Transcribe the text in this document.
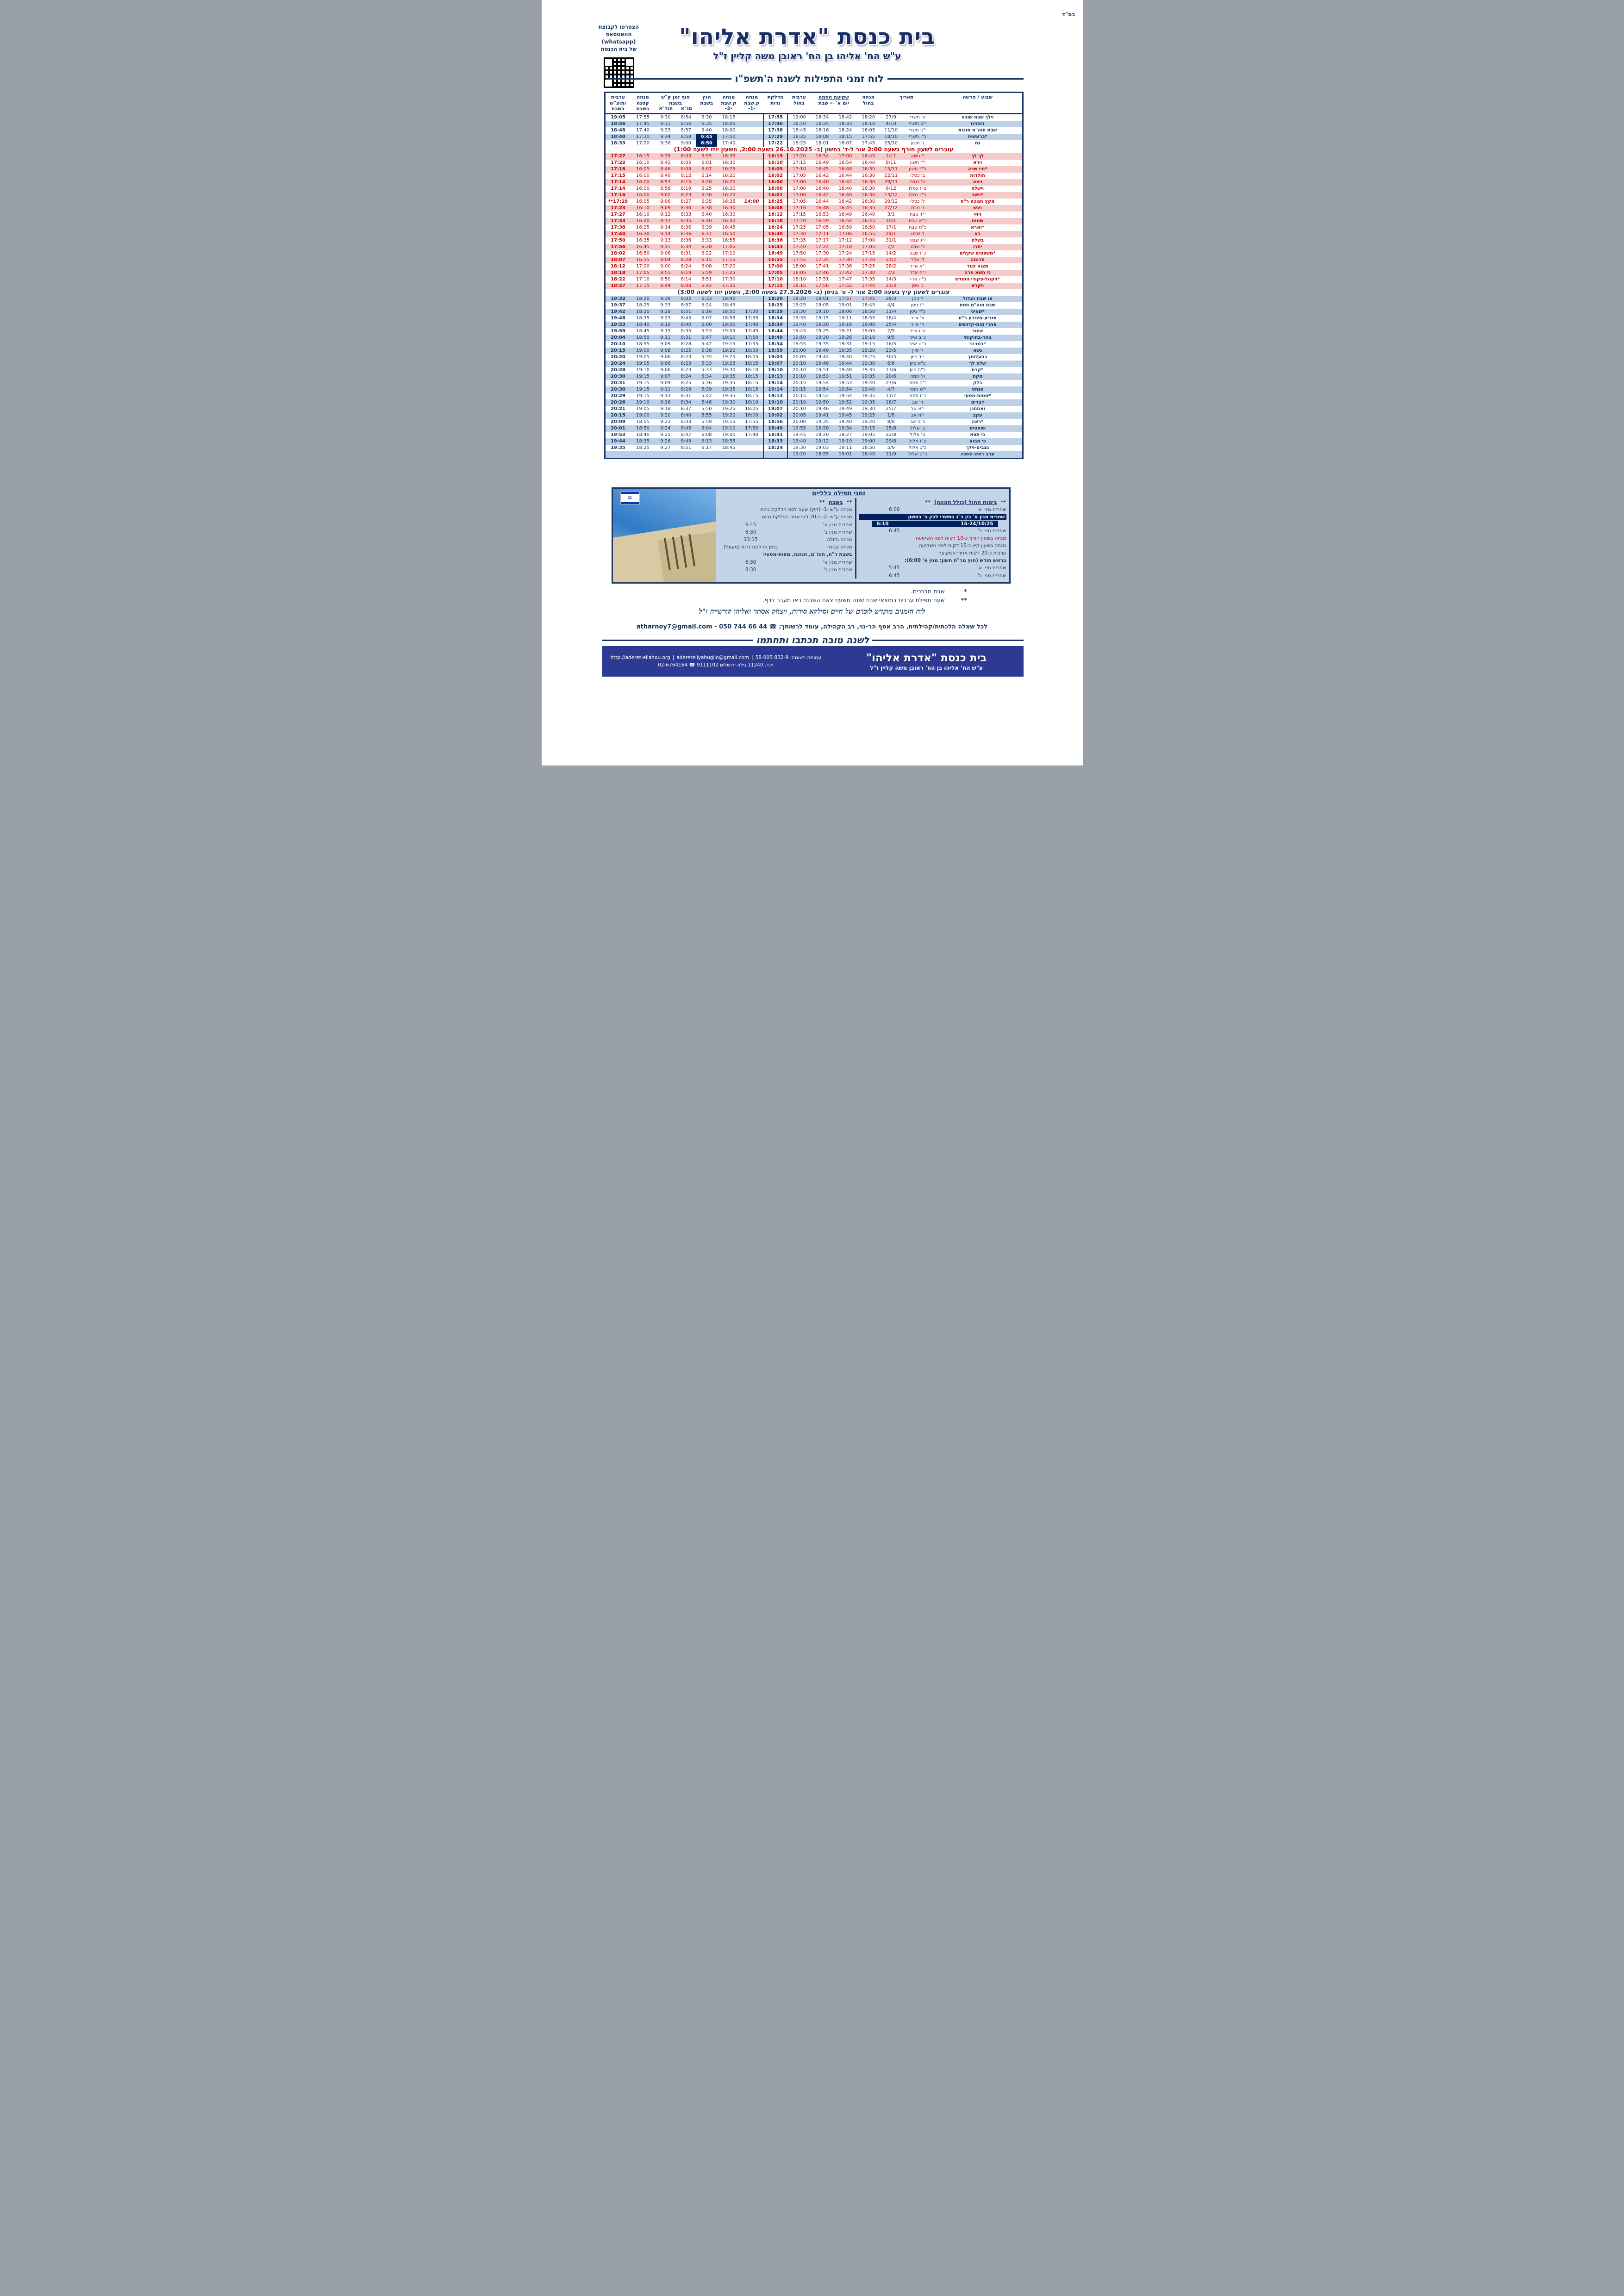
בס"ד
הצטרפו לקבוצת
הוואטסאפ (whatsapp)
של בית הכנסת	בית כנסת "אדרת אליהו"
ע"ש הח' אליהו בן הח' ראובן משה קליין ז"ל
לוח זמני התפילות לשנת ה'תשפ"ו
שבוע / פרשה

תאריך

מנחה
בחול

שקיעת החמה
יום א' ← שבת

ערבית
בחול

הדלקת
נרות

מנחה
ק.שבת
-1-

מנחה
ק.שבת
-2-

הנץ
בשבת

סוף זמן ק"ש
בשבת
מג"א
הגר"א

מנחה
קטנה
בשבת

ערבית
ומוצ"ש
בשבת

וילך שבת שובה	ה' תשרי	27/9	18:20	18:42	18:34	19:00	17:55		18:15	6:30	8:54	9:30	17:55	19:05
האזינו	י"ב תשרי	4/10	18:10	18:33	18:25	18:50	17:46		18:05	6:35	8:56	9:31	17:45	18:56
שבת חוה"מ סוכות	י"ט תשרי	11/10	18:05	18:24	18:16	18:45	17:38		18:00	6:40	8:57	9:33	17:40	18:48
*בראשית	כ"ו תשרי	18/10	17:55	18:15	18:08	18:35	17:29		17:50	6:45	8:58	9:34	17:30	18:40
נח	ג' חשון	25/10	17:45	18:07	18:01	18:25	17:22		17:40	6:50	9:00	9:36	17:20	18:33
עוברים לשעון חורף בשעה 2:00 אור ל-ד' בחשון (ב- 26.10.2025 בשעה 2:00, השעון יוזז לשעה 1:00)														
לך לך	י' חשון	1/11	16:45	17:00	16:54	17:20	16:15		16:35	5:55	8:03	8:39	16:15	17:27
וירא	י"ז חשון	8/11	16:40	16:54	16:49	17:15	16:10		16:30	6:01	8:05	8:42	16:10	17:22
*חיי שרה	כ"ד חשון	15/11	16:35	16:48	16:45	17:10	16:05		16:25	6:07	8:08	8:46	16:05	17:18
תולדות	ב' כסלו	22/11	16:30	16:44	16:42	17:05	16:02		16:20	6:14	8:12	8:49	16:00	17:15
ויצא	ט' כסלו	29/11	16:30	16:42	16:40	17:00	16:00		16:20	6:20	8:15	8:53	16:00	17:14
וישלח	ט"ז כסלו	6/12	16:30	16:40	16:40	17:00	16:00		16:20	6:25	8:19	8:58	16:00	17:14
*וישב	כ"ג כסלו	13/12	16:30	16:40	16:42	17:00	16:01		16:20	6:30	8:23	9:02	16:00	17:16
מקץ חנוכה ר"ח	ל' כסלו	20/12	16:30	16:42	16:44	17:05	16:25	14:00	16:25	6:35	8:27	9:06	16:05	**17:19
ויגש	ז' טבת	27/12	16:35	16:45	16:48	17:10	16:08		16:30	6:38	8:30	9:09	16:10	17:23
ויחי	י"ד טבת	3/1	16:40	16:49	16:53	17:15	16:12		16:30	6:40	8:33	9:12	16:10	17:27
שמות	כ"א טבת	10/1	16:45	16:54	16:59	17:20	16:18		16:40	6:40	8:35	9:13	16:20	17:33
*וארא	כ"ח טבת	17/1	16:50	16:59	17:05	17:25	16:24		16:45	6:39	8:36	9:14	16:25	17:38
בא	ו' שבט	24/1	16:55	17:06	17:11	17:30	16:30		16:50	6:37	8:36	9:14	16:30	17:44
בשלח	י"ג שבט	31/1	17:00	17:12	17:17	17:35	16:36		16:55	6:33	8:36	9:13	16:35	17:50
יתרו	כ' שבט	7/2	17:05	17:18	17:24	17:40	16:43		17:05	6:28	8:34	9:11	16:45	17:56
*משפטים שקלים	כ"ז שבט	14/2	17:15	17:24	17:30	17:50	16:49		17:10	6:22	8:31	9:08	16:50	18:02
תרומה	ד' אדר	21/2	17:20	17:30	17:35	17:55	16:55		17:15	6:15	8:28	9:04	16:55	18:07
תצוה זכור	י"א אדר	28/2	17:25	17:36	17:41	18:00	17:00		17:20	6:08	8:24	9:00	17:00	18:12
כי תשא פרה	י"ח אדר	7/3	17:30	17:42	17:46	18:05	17:05		17:25	5:59	8:19	8:55	17:05	18:18
*ויקהל-פקודי החודש	כ"ה אדר	14/3	17:35	17:47	17:51	18:10	17:10		17:30	5:51	8:14	8:50	17:10	18:22
ויקרא	ג' ניסן	21/3	17:40	17:52	17:56	18:15	17:15		17:35	5:42	8:08	8:44	17:15	18:27
עוברים לשעון קיץ בשעה 2:00 אור ל- ט' בניסן (ב- 27.3.2026 בשעה 2:00, השעון יוזז לשעה 3:00)														
צו שבת הגדול	י' ניסן	28/3	17:45	17:57	19:01	18:20	18:20		18:40	6:33	9:02	9:39	18:20	19:32
שבת חוה"מ פסח	י"ז ניסן	4/4	18:45	19:01	19:05	19:25	18:25		18:45	6:24	8:57	9:33	18:25	19:37
*שמיני	כ"ד ניסן	11/4	18:50	19:06	19:10	19:30	18:29	17:30	18:50	6:16	8:51	9:28	18:30	19:42
תזריע-מצורע ר"ח	א' אייר	18/4	18:55	19:11	19:15	19:35	18:34	17:35	18:55	6:07	8:45	9:23	18:35	19:48
אחרי מות-קדושים	ח' אייר	25/4	19:00	19:16	19:20	19:40	18:39	17:40	19:00	6:00	8:40	9:19	18:40	19:53
אמור	ט"ו אייר	2/5	19:05	19:21	19:25	19:45	18:44	17:45	19:05	5:53	8:35	9:15	18:45	19:59
בהר-בחוקותי	כ"ב אייר	9/5	19:10	19:26	19:30	19:50	18:49	17:50	19:10	5:47	8:31	9:11	18:50	20:04
*במדבר	כ"ט אייר	16/5	19:15	19:31	19:35	19:55	18:54	17:55	19:15	5:42	8:28	9:09	18:55	20:10
נשא	ז' סיון	23/5	19:20	19:35	19:40	20:00	18:59	18:00	19:20	5:38	8:25	9:08	19:00	20:15
בהעלותך	י"ד סיון	30/5	19:25	19:40	19:44	20:05	19:03	18:05	19:25	5:35	8:23	9:06	19:05	20:20
שלח לך	כ"א סיון	6/6	19:30	19:44	19:48	20:10	19:07	18:05	19:25	5:33	8:23	9:06	19:05	20:24
*קרח	כ"ח סיון	13/6	19:35	19:48	19:51	20:10	19:10	18:10	19:30	5:33	8:23	9:06	19:10	20:28
חקת	ה' תמוז	20/6	19:35	19:51	19:53	20:10	19:13	18:15	19:35	5:34	8:24	9:07	19:15	20:30
בלק	י"ב תמוז	27/6	19:40	19:53	19:54	20:15	19:14	18:15	19:35	5:36	8:25	9:09	19:15	20:31
פנחס	י"ט תמוז	4/7	19:40	19:54	19:54	20:15	19:14	18:15	19:35	5:39	8:28	9:11	19:15	20:30
*מטות-מסעי	כ"ו תמוז	11/7	19:35	19:54	19:52	20:15	19:13	18:15	19:35	5:42	8:31	9:13	19:15	20:29
דברים	ד' אב	18/7	19:35	19:52	19:50	20:10	19:10	18:10	19:30	5:46	8:34	9:16	19:10	20:26
ואתחנן	י"א אב	25/7	19:30	19:49	19:46	20:10	19:07	18:05	19:25	5:50	8:37	9:18	19:05	20:21
עקב	י"ח אב	1/8	19:25	19:45	19:41	20:05	19:02	18:00	19:20	5:55	8:40	9:20	19:00	20:15
*ראה	כ"ה אב	8/8	19:20	19:40	19:35	20:00	18:56	17:55	19:15	5:59	8:43	9:22	18:55	20:09
שופטים	ב' אלול	15/8	19:15	19:34	19:28	19:55	18:49	17:50	19:10	6:04	8:45	9:24	18:50	20:01
כי תצא	ט' אלול	22/8	19:05	19:27	19:20	19:45	18:41	17:40	19:00	6:08	8:47	9:25	18:40	19:53
כי תבוא	ט"ז אלול	29/8	19:00	19:19	19:12	19:40	18:33		18:55	6:13	8:49	9:26	18:35	19:44
נצבים-וילך	כ"ג אלול	5/9	18:50	19:11	19:03	19:30	18:24		18:45	6:17	8:51	9:27	18:25	19:35
ערב ראש השנה	כ"ט אלול	11/9	18:40	19:01	18:55	19:20								
זמני תפילה כלליים
**
בימות החול (כולל חנוכה)
**
שחרית מנין א'
6:00
שחרית מנין א' בין כ"ג בתשרי לבין ב' בחשון
15-24/10/25
6:10
שחרית מנין ב'
6:45
מנחה בשעון חורף כ-10 דקות לפני השקיעה
מנחה בשעון קיץ כ-15 דקות לפני השקיעה
ערבית כ-20 דקות אחרי השקיעה
בראש חודש (חוץ מר"ח חשון: מנין א' 6:00):
שחרית מנין א'
5:45
שחרית מנין ב'
6:45
**
בשבת
**
מנחה ע"ש -1- (קיץ) שעה לפני הדלקת נרות
מנחה ע"ש -2- כ-20 דקי אחרי הדלקת נרות
שחרית מנין א'
6:45
שחרית מנין ב'
8:30
מנחה גדולה
13:15
מנחה קטנה
בזמן הדלקת נרות (מעוגל)
בשבת ר"ח, חוה"מ, חנוכה, מטות-מסעי:
שחרית מנין א'
6:30
שחרית מנין ב'
8:30
✡
*
שבת מברכים.
**
שעת תפילת ערבית במוצאי שבת שונה משעת צאת השבת: ראו מעבר לדף.
לוח הזמנים מוקדש לזכרם של חיים וסילקא סורות, ויצחק אסתר ואליהו קורשייה ז"ל
לכל שאלה הלכתית/קהילתית, הרב אסף הר-נוי, רב הקהילה, עומד לרשותך: ☎ atharnoy7@gmail.com - 050 744 66 44
לשנה טובה תכתבו ותחתמו
בית כנסת "אדרת אליהו"
ע"ש הח' אליהו בן הח' ראובן משה קליין ז"ל
http://aderet-eliahou.org | adereteliyahugilo@gmail.com |	עמותה רשומה: 58-005-832-9
ת.ד. 11240 גילה ירושלים 9111102 ☎ 02-6764164
